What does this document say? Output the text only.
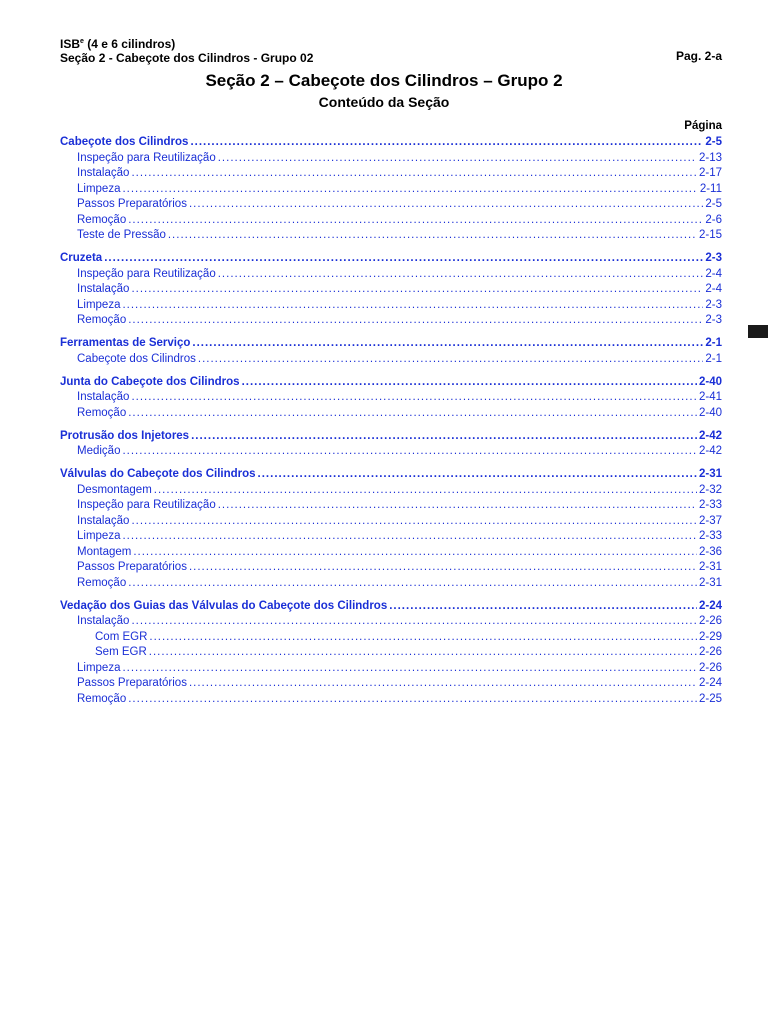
ISB$^e$ (4 e 6 cilindros)
Seção 2 - Cabeçote dos Cilindros - Grupo 02	Pag. 2-a
Seção 2 – Cabeçote dos Cilindros – Grupo 2
Conteúdo da Seção
Página
Cabeçote dos Cilindros .....	2-5
Inspeção para Reutilização .....	2-13
Instalação .....	2-17
Limpeza .....	2-11
Passos Preparatórios .....	2-5
Remoção .....	2-6
Teste de Pressão .....	2-15
Cruzeta .....	2-3
Inspeção para Reutilização .....	2-4
Instalação .....	2-4
Limpeza .....	2-3
Remoção .....	2-3
Ferramentas de Serviço .....	2-1
Cabeçote dos Cilindros .....	2-1
Junta do Cabeçote dos Cilindros .....	2-40
Instalação .....	2-41
Remoção .....	2-40
Protrusão dos Injetores .....	2-42
Medição .....	2-42
Válvulas do Cabeçote dos Cilindros .....	2-31
Desmontagem .....	2-32
Inspeção para Reutilização .....	2-33
Instalação .....	2-37
Limpeza .....	2-33
Montagem .....	2-36
Passos Preparatórios .....	2-31
Remoção .....	2-31
Vedação dos Guias das Válvulas do Cabeçote dos Cilindros .....	2-24
Instalação .....	2-26
Com EGR .....	2-29
Sem EGR .....	2-26
Limpeza .....	2-26
Passos Preparatórios .....	2-24
Remoção .....	2-25
